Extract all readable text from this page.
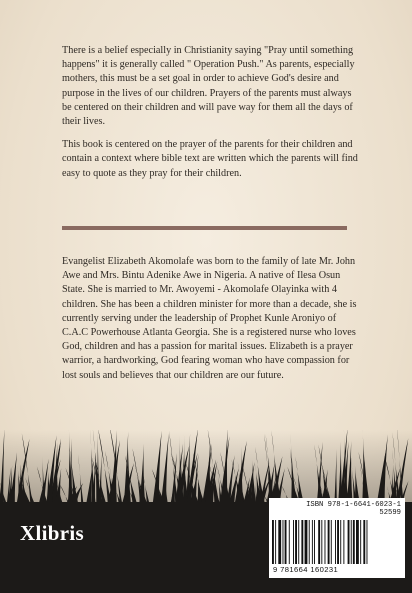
There is a belief especially in Christianity saying "Pray until something happens" it is generally called " Operation Push." As parents, especially mothers, this must be a set goal in order to achieve God's desire and purpose in the lives of our children. Prayers of the parents must always be centered on their children and will pave way for them all the days of their lives.

This book is centered on the prayer of the parents for their children and contain a context where bible text are written which the parents will find easy to quote as they pray for their children.

Evangelist Elizabeth Akomolafe was born to the family of late Mr. John Awe and Mrs. Bintu Adenike Awe in Nigeria. A native of Ilesa Osun State. She is married to Mr. Awoyemi - Akomolafe Olayinka with 4 children. She has been a children minister for more than a decade, she is currently serving under the leadership of Prophet Kunle Aroniyo of C.A.C Powerhouse Atlanta Georgia. She is a registered nurse who loves God, children and has a passion for marital issues. Elizabeth is a prayer warrior, a hardworking, God fearing woman who have compassion for lost souls and believes that our children are our future.

Xlibris
ISBN 978-1-6641-6023-1
52599
9 781664 160231
